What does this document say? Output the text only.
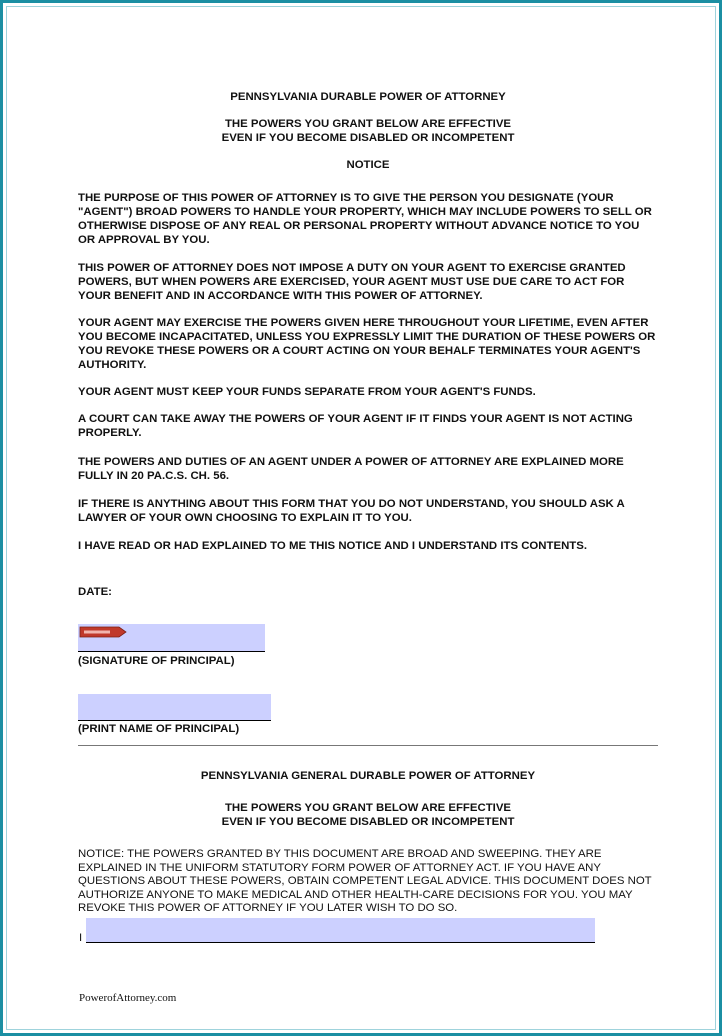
PENNSYLVANIA DURABLE POWER OF ATTORNEY
THE POWERS YOU GRANT BELOW ARE EFFECTIVE
EVEN IF YOU BECOME DISABLED OR INCOMPETENT
NOTICE

THE PURPOSE OF THIS POWER OF ATTORNEY IS TO GIVE THE PERSON YOU DESIGNATE (YOUR "AGENT") BROAD POWERS TO HANDLE YOUR PROPERTY, WHICH MAY INCLUDE POWERS TO SELL OR OTHERWISE DISPOSE OF ANY REAL OR PERSONAL PROPERTY WITHOUT ADVANCE NOTICE TO YOU OR APPROVAL BY YOU.

THIS POWER OF ATTORNEY DOES NOT IMPOSE A DUTY ON YOUR AGENT TO EXERCISE GRANTED POWERS, BUT WHEN POWERS ARE EXERCISED, YOUR AGENT MUST USE DUE CARE TO ACT FOR YOUR BENEFIT AND IN ACCORDANCE WITH THIS POWER OF ATTORNEY.

YOUR AGENT MAY EXERCISE THE POWERS GIVEN HERE THROUGHOUT YOUR LIFETIME, EVEN AFTER YOU BECOME INCAPACITATED, UNLESS YOU EXPRESSLY LIMIT THE DURATION OF THESE POWERS OR YOU REVOKE THESE POWERS OR A COURT ACTING ON YOUR BEHALF TERMINATES YOUR AGENT'S AUTHORITY.

YOUR AGENT MUST KEEP YOUR FUNDS SEPARATE FROM YOUR AGENT'S FUNDS.

A COURT CAN TAKE AWAY THE POWERS OF YOUR AGENT IF IT FINDS YOUR AGENT IS NOT ACTING PROPERLY.

THE POWERS AND DUTIES OF AN AGENT UNDER A POWER OF ATTORNEY ARE EXPLAINED MORE FULLY IN 20 PA.C.S. CH. 56.

IF THERE IS ANYTHING ABOUT THIS FORM THAT YOU DO NOT UNDERSTAND, YOU SHOULD ASK A LAWYER OF YOUR OWN CHOOSING TO EXPLAIN IT TO YOU.

I HAVE READ OR HAD EXPLAINED TO ME THIS NOTICE AND I UNDERSTAND ITS CONTENTS.

DATE:
(SIGNATURE OF PRINCIPAL)
(PRINT NAME OF PRINCIPAL)
PENNSYLVANIA GENERAL DURABLE POWER OF ATTORNEY
THE POWERS YOU GRANT BELOW ARE EFFECTIVE
EVEN IF YOU BECOME DISABLED OR INCOMPETENT

NOTICE: THE POWERS GRANTED BY THIS DOCUMENT ARE BROAD AND SWEEPING. THEY ARE EXPLAINED IN THE UNIFORM STATUTORY FORM POWER OF ATTORNEY ACT. IF YOU HAVE ANY QUESTIONS ABOUT THESE POWERS, OBTAIN COMPETENT LEGAL ADVICE. THIS DOCUMENT DOES NOT AUTHORIZE ANYONE TO MAKE MEDICAL AND OTHER HEALTH-CARE DECISIONS FOR YOU. YOU MAY REVOKE THIS POWER OF ATTORNEY IF YOU LATER WISH TO DO SO.

I
PowerofAttorney.com
